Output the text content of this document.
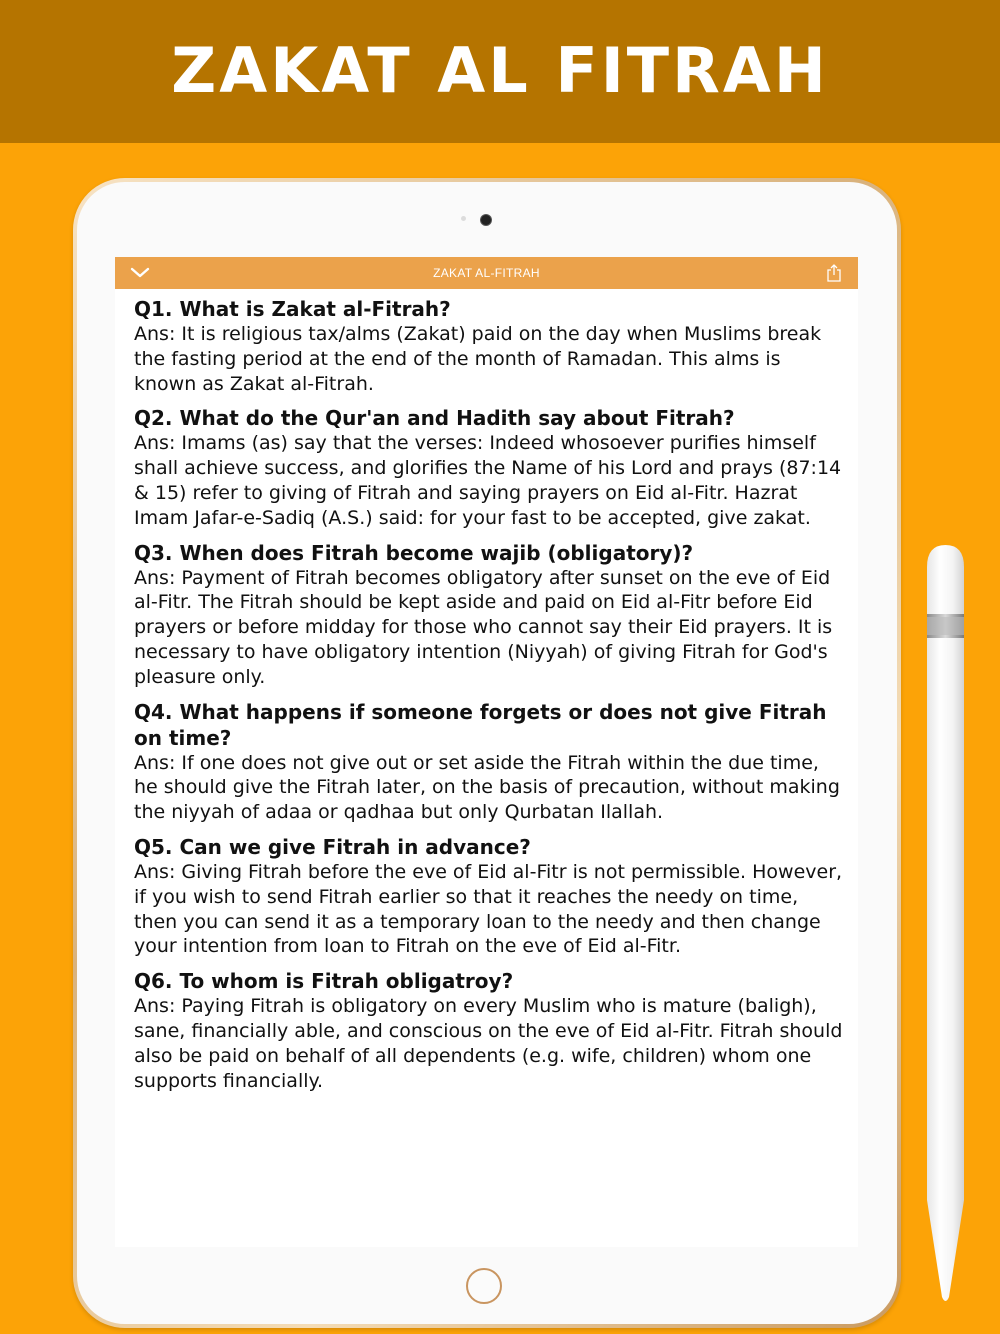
ZAKAT AL FITRAH
ZAKAT AL-FITRAH
Q1. What is Zakat al-Fitrah?
Ans: It is religious tax/alms (Zakat) paid on the day when Muslims break the fasting period at the end of the month of Ramadan. This alms is known as Zakat al-Fitrah.
Q2. What do the Qur'an and Hadith say about Fitrah?
Ans: Imams (as) say that the verses: Indeed whosoever purifies himself shall achieve success, and glorifies the Name of his Lord and prays (87:14 & 15) refer to giving of Fitrah and saying prayers on Eid al-Fitr. Hazrat Imam Jafar-e-Sadiq (A.S.) said: for your fast to be accepted, give zakat.
Q3. When does Fitrah become wajib (obligatory)?
Ans: Payment of Fitrah becomes obligatory after sunset on the eve of Eid al-Fitr. The Fitrah should be kept aside and paid on Eid al-Fitr before Eid prayers or before midday for those who cannot say their Eid prayers. It is necessary to have obligatory intention (Niyyah) of giving Fitrah for God's pleasure only.
Q4. What happens if someone forgets or does not give Fitrah on time?
Ans: If one does not give out or set aside the Fitrah within the due time, he should give the Fitrah later, on the basis of precaution, without making the niyyah of adaa or qadhaa but only Qurbatan Ilallah.
Q5. Can we give Fitrah in advance?
Ans: Giving Fitrah before the eve of Eid al-Fitr is not permissible. However, if you wish to send Fitrah earlier so that it reaches the needy on time, then you can send it as a temporary loan to the needy and then change your intention from loan to Fitrah on the eve of Eid al-Fitr.
Q6. To whom is Fitrah obligatroy?
Ans: Paying Fitrah is obligatory on every Muslim who is mature (baligh), sane, financially able, and conscious on the eve of Eid al-Fitr. Fitrah should also be paid on behalf of all dependents (e.g. wife, children) whom one supports financially.
